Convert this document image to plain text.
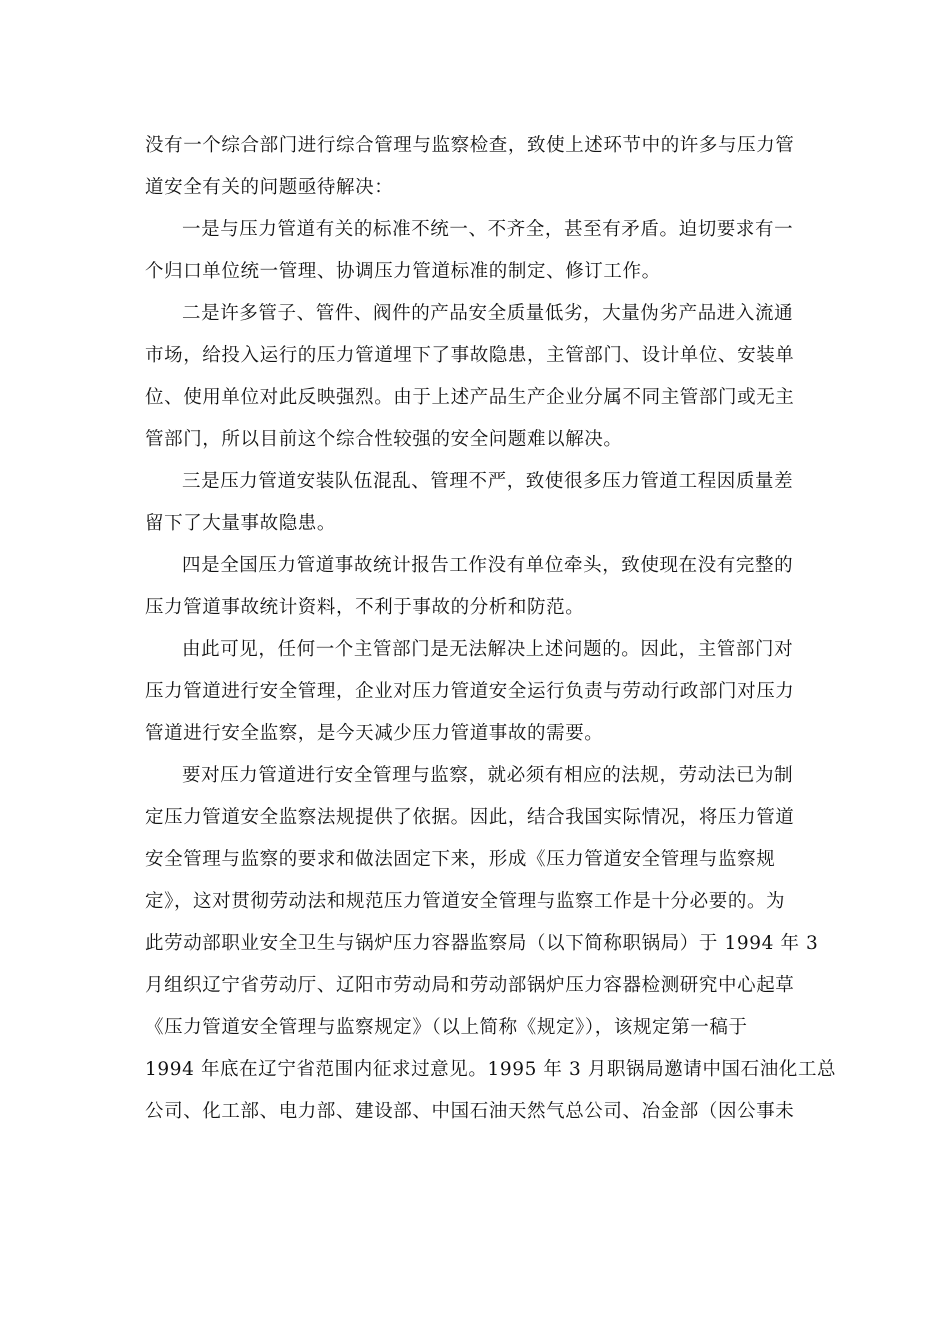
没有一个综合部门进行综合管理与监察检查，致使上述环节中的许多与压力管
道安全有关的问题亟待解决：
一是与压力管道有关的标准不统一、不齐全，甚至有矛盾。迫切要求有一
个归口单位统一管理、协调压力管道标准的制定、修订工作。
二是许多管子、管件、阀件的产品安全质量低劣，大量伪劣产品进入流通
市场，给投入运行的压力管道埋下了事故隐患，主管部门、设计单位、安装单
位、使用单位对此反映强烈。由于上述产品生产企业分属不同主管部门或无主
管部门，所以目前这个综合性较强的安全问题难以解决。
三是压力管道安装队伍混乱、管理不严，致使很多压力管道工程因质量差
留下了大量事故隐患。
四是全国压力管道事故统计报告工作没有单位牵头，致使现在没有完整的
压力管道事故统计资料，不利于事故的分析和防范。
由此可见，任何一个主管部门是无法解决上述问题的。因此，主管部门对
压力管道进行安全管理，企业对压力管道安全运行负责与劳动行政部门对压力
管道进行安全监察，是今天减少压力管道事故的需要。
要对压力管道进行安全管理与监察，就必须有相应的法规，劳动法已为制
定压力管道安全监察法规提供了依据。因此，结合我国实际情况，将压力管道
安全管理与监察的要求和做法固定下来，形成《压力管道安全管理与监察规
定》，这对贯彻劳动法和规范压力管道安全管理与监察工作是十分必要的。为
此劳动部职业安全卫生与锅炉压力容器监察局（以下简称职锅局）于 1994 年 3
月组织辽宁省劳动厅、辽阳市劳动局和劳动部锅炉压力容器检测研究中心起草
《压力管道安全管理与监察规定》（以上简称《规定》），该规定第一稿于
1994 年底在辽宁省范围内征求过意见。1995 年 3 月职锅局邀请中国石油化工总
公司、化工部、电力部、建设部、中国石油天然气总公司、冶金部（因公事未
